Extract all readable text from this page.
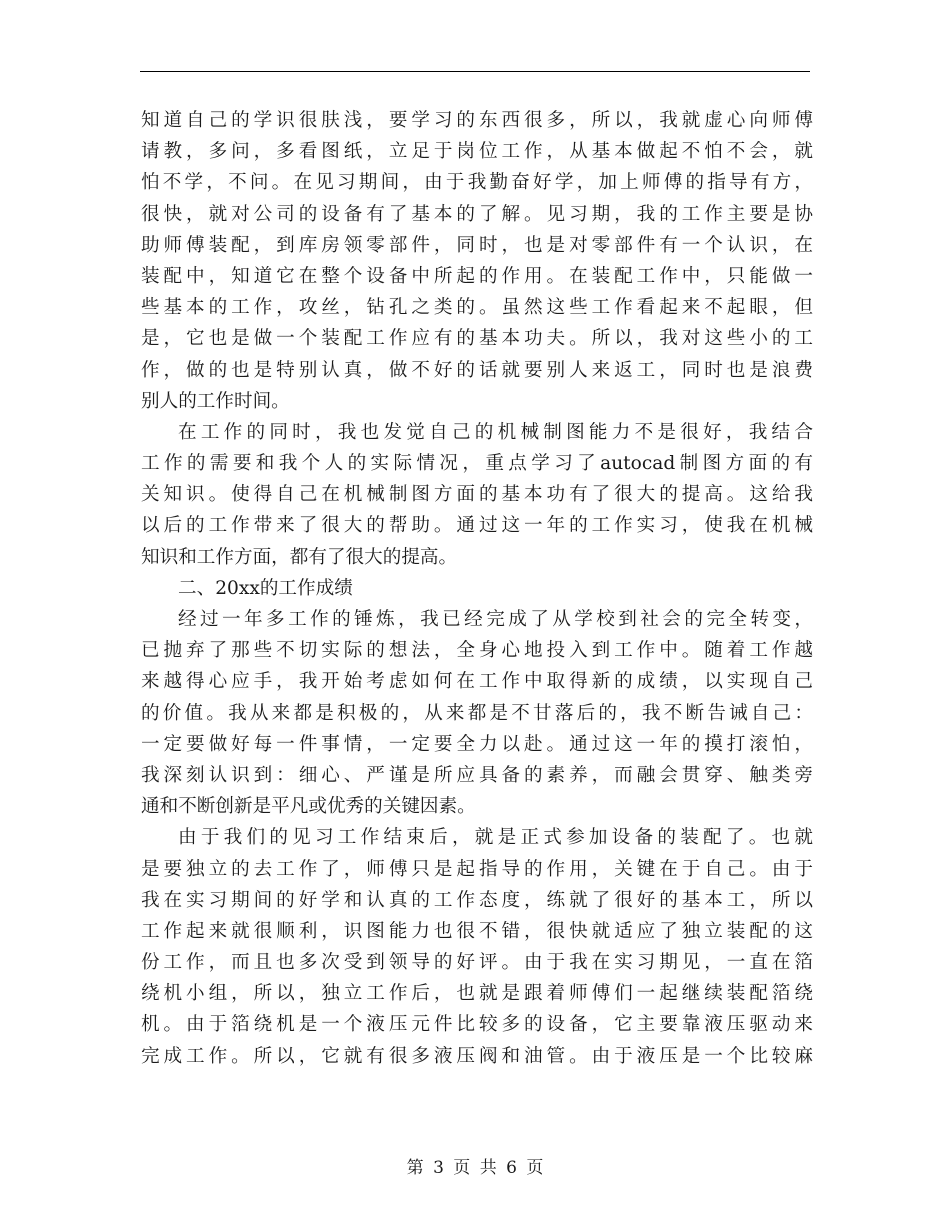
知道自己的学识很肤浅，要学习的东西很多，所以，我就虚心向师傅
请教，多问，多看图纸，立足于岗位工作，从基本做起不怕不会，就
怕不学，不问。在见习期间，由于我勤奋好学，加上师傅的指导有方，
很快，就对公司的设备有了基本的了解。见习期，我的工作主要是协
助师傅装配，到库房领零部件，同时，也是对零部件有一个认识，在
装配中，知道它在整个设备中所起的作用。在装配工作中，只能做一
些基本的工作，攻丝，钻孔之类的。虽然这些工作看起来不起眼，但
是，它也是做一个装配工作应有的基本功夫。所以，我对这些小的工
作，做的也是特别认真，做不好的话就要别人来返工，同时也是浪费
别人的工作时间。
在工作的同时，我也发觉自己的机械制图能力不是很好，我结合
工作的需要和我个人的实际情况，重点学习了autocad制图方面的有
关知识。使得自己在机械制图方面的基本功有了很大的提高。这给我
以后的工作带来了很大的帮助。通过这一年的工作实习，使我在机械
知识和工作方面，都有了很大的提高。
二、20xx的工作成绩
经过一年多工作的锤炼，我已经完成了从学校到社会的完全转变，
已抛弃了那些不切实际的想法，全身心地投入到工作中。随着工作越
来越得心应手，我开始考虑如何在工作中取得新的成绩，以实现自己
的价值。我从来都是积极的，从来都是不甘落后的，我不断告诫自己：
一定要做好每一件事情，一定要全力以赴。通过这一年的摸打滚怕，
我深刻认识到：细心、严谨是所应具备的素养，而融会贯穿、触类旁
通和不断创新是平凡或优秀的关键因素。
由于我们的见习工作结束后，就是正式参加设备的装配了。也就
是要独立的去工作了，师傅只是起指导的作用，关键在于自己。由于
我在实习期间的好学和认真的工作态度，练就了很好的基本工，所以
工作起来就很顺利，识图能力也很不错，很快就适应了独立装配的这
份工作，而且也多次受到领导的好评。由于我在实习期见，一直在箔
绕机小组，所以，独立工作后，也就是跟着师傅们一起继续装配箔绕
机。由于箔绕机是一个液压元件比较多的设备，它主要靠液压驱动来
完成工作。所以，它就有很多液压阀和油管。由于液压是一个比较麻
第 3 页 共 6 页
